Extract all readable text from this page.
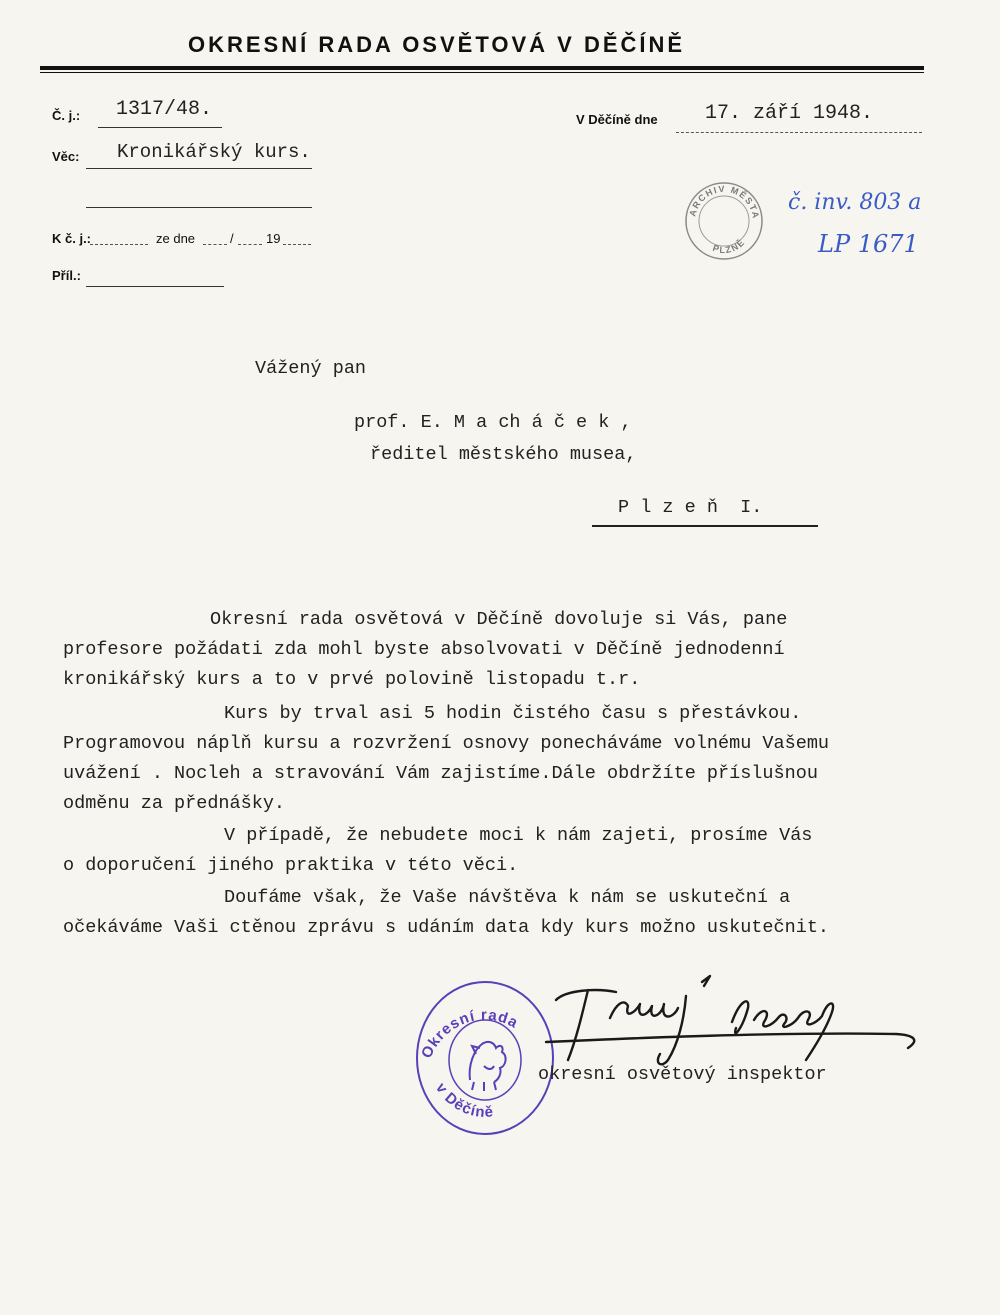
OKRESNÍ RADA OSVĚTOVÁ V DĚČÍNĚ
Č. j.: 1317/48.	V Děčíně dne 17. září 1948.
Věc: Kronikářský kurs.
K č. j.:	ze dne	/ 19
Příl.:
ARCHIV MĚSTA
PLZNĚ
č. inv. 803 a
LP 1671
Vážený pan
prof. E. M a ch á č e k ,
ředitel městského musea,
P l z e ň  I.
Okresní rada osvětová v Děčíně dovoluje si Vás, pane
profesore požádati zda mohl byste absolvovati v Děčíně jednodenní
kronikářský kurs a to v prvé polovině listopadu t.r.
Kurs by trval asi 5 hodin čistého času s přestávkou.
Programovou náplň kursu a rozvržení osnovy ponecháváme volnému Vašemu
uvážení . Nocleh a stravování Vám zajistíme.Dále obdržíte příslušnou
odměnu za přednášky.
V případě, že nebudete moci k nám zajeti, prosíme Vás
o doporučení jiného praktika v této věci.
Doufáme však, že Vaše návštěva k nám se uskuteční a
očekáváme Vaši ctěnou zprávu s udáním data kdy kurs možno uskutečnit.
Okresní rada
v Děčíně
okresní osvětový inspektor
